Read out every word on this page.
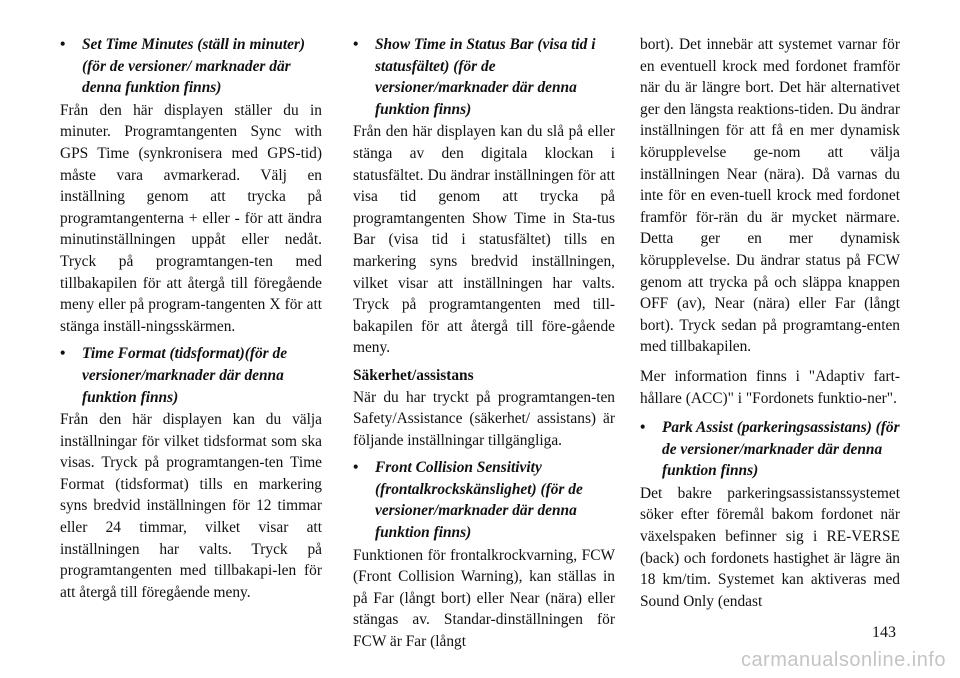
• Set Time Minutes (ställ in minuter)(för de versioner/ marknader där denna funktion finns)

Från den här displayen ställer du in minuter. Programtangenten Sync with GPS Time (synkronisera med GPS-tid) måste vara avmarkerad. Välj en inställning genom att trycka på programtangenterna + eller - för att ändra minutinställningen uppåt eller nedåt. Tryck på programtangen-ten med tillbakapilen för att återgå till föregående meny eller på program-tangenten X för att stänga inställ-ningsskärmen.

• Time Format (tidsformat)(för de versioner/marknader där denna funktion finns)

Från den här displayen kan du välja inställningar för vilket tidsformat som ska visas. Tryck på programtangen-ten Time Format (tidsformat) tills en markering syns bredvid inställningen för 12 timmar eller 24 timmar, vilket visar att inställningen har valts. Tryck på programtangenten med tillbakapi-len för att återgå till föregående meny.

• Show Time in Status Bar (visa tid i statusfältet) (för de versioner/marknader där denna funktion finns)

Från den här displayen kan du slå på eller stänga av den digitala klockan i statusfältet. Du ändrar inställningen för att visa tid genom att trycka på programtangenten Show Time in Sta-tus Bar (visa tid i statusfältet) tills en markering syns bredvid inställningen, vilket visar att inställningen har valts. Tryck på programtangenten med till-bakapilen för att återgå till före-gående meny.

Säkerhet/assistans

När du har tryckt på programtangen-ten Safety/Assistance (säkerhet/ assistans) är följande inställningar tillgängliga.

• Front Collision Sensitivity (frontalkrockskänslighet) (för de versioner/marknader där denna funktion finns)

Funktionen för frontalkrockvarning, FCW (Front Collision Warning), kan ställas in på Far (långt bort) eller Near (nära) eller stängas av. Standar-dinställningen för FCW är Far (långt

bort). Det innebär att systemet varnar för en eventuell krock med fordonet framför när du är längre bort. Det här alternativet ger den längsta reaktions-tiden. Du ändrar inställningen för att få en mer dynamisk körupplevelse ge-nom att välja inställningen Near (nära). Då varnas du inte för en even-tuell krock med fordonet framför för-rän du är mycket närmare. Detta ger en mer dynamisk körupplevelse. Du ändrar status på FCW genom att trycka på och släppa knappen OFF (av), Near (nära) eller Far (långt bort). Tryck sedan på programtang-enten med tillbakapilen.

Mer information finns i "Adaptiv fart-hållare (ACC)" i "Fordonets funktio-ner".

• Park Assist (parkeringsassistans) (för de versioner/marknader där denna funktion finns)

Det bakre parkeringsassistanssystemet söker efter föremål bakom fordonet när växelspaken befinner sig i RE-VERSE (back) och fordonets hastighet är lägre än 18 km/tim. Systemet kan aktiveras med Sound Only (endast

143
carmanualsonline.info
